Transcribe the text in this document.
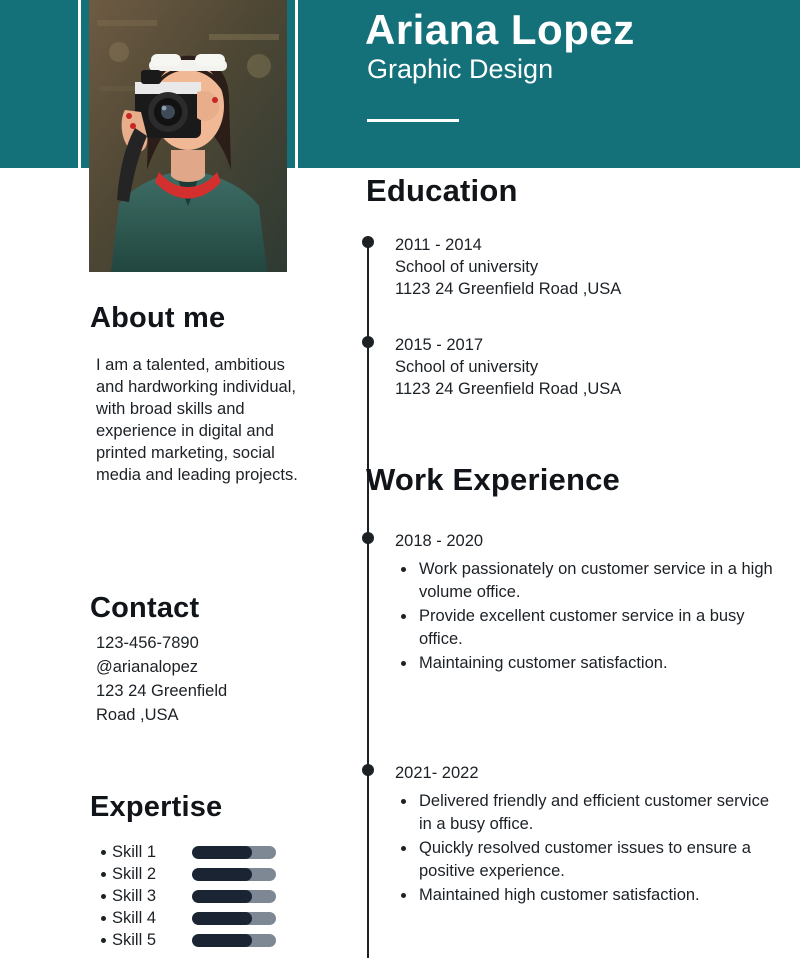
Ariana Lopez
Graphic Design
About me
I am a talented, ambitious and hardworking individual, with broad skills and experience in digital and printed marketing, social media and leading projects.
Contact
123-456-7890
@arianalopez
123 24 Greenfield
Road ,USA
Expertise
Skill 1
Skill 2
Skill 3
Skill 4
Skill 5
Education
2011 - 2014
School of university
1123 24 Greenfield Road ,USA
2015 - 2017
School of university
1123 24 Greenfield Road ,USA
Work Experience
2018 - 2020
• Work passionately on customer service in a high volume office.
• Provide excellent customer service in a busy office.
• Maintaining customer satisfaction.
2021- 2022
• Delivered friendly and efficient customer service in a busy office.
• Quickly resolved customer issues to ensure a positive experience.
• Maintained high customer satisfaction.
